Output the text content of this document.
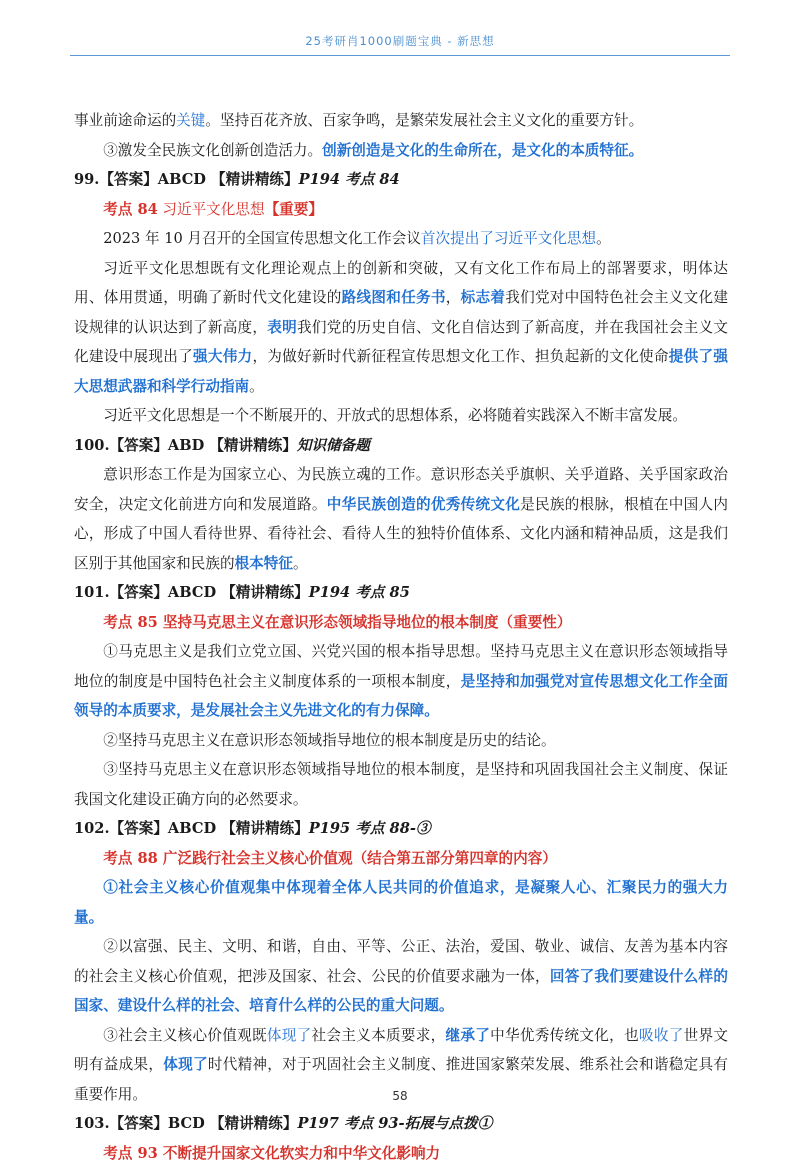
25考研肖1000刷题宝典 - 新思想

事业前途命运的关键。坚持百花齐放、百家争鸣，是繁荣发展社会主义文化的重要方针。

③激发全民族文化创新创造活力。创新创造是文化的生命所在，是文化的本质特征。

99.【答案】ABCD 【精讲精练】P194 考点 84

考点 84 习近平文化思想【重要】

2023 年 10 月召开的全国宣传思想文化工作会议首次提出了习近平文化思想。

习近平文化思想既有文化理论观点上的创新和突破，又有文化工作布局上的部署要求，明体达用、体用贯通，明确了新时代文化建设的路线图和任务书，标志着我们党对中国特色社会主义文化建设规律的认识达到了新高度，表明我们党的历史自信、文化自信达到了新高度，并在我国社会主义文化建设中展现出了强大伟力，为做好新时代新征程宣传思想文化工作、担负起新的文化使命提供了强大思想武器和科学行动指南。

习近平文化思想是一个不断展开的、开放式的思想体系，必将随着实践深入不断丰富发展。

100.【答案】ABD 【精讲精练】知识储备题

意识形态工作是为国家立心、为民族立魂的工作。意识形态关乎旗帜、关乎道路、关乎国家政治安全，决定文化前进方向和发展道路。中华民族创造的优秀传统文化是民族的根脉，根植在中国人内心，形成了中国人看待世界、看待社会、看待人生的独特价值体系、文化内涵和精神品质，这是我们区别于其他国家和民族的根本特征。

101.【答案】ABCD 【精讲精练】P194 考点 85

考点 85 坚持马克思主义在意识形态领域指导地位的根本制度（重要性）

①马克思主义是我们立党立国、兴党兴国的根本指导思想。坚持马克思主义在意识形态领域指导地位的制度是中国特色社会主义制度体系的一项根本制度，是坚持和加强党对宣传思想文化工作全面领导的本质要求，是发展社会主义先进文化的有力保障。

②坚持马克思主义在意识形态领域指导地位的根本制度是历史的结论。

③坚持马克思主义在意识形态领域指导地位的根本制度，是坚持和巩固我国社会主义制度、保证我国文化建设正确方向的必然要求。

102.【答案】ABCD 【精讲精练】P195 考点 88-③

考点 88 广泛践行社会主义核心价值观（结合第五部分第四章的内容）

①社会主义核心价值观集中体现着全体人民共同的价值追求，是凝聚人心、汇聚民力的强大力量。

②以富强、民主、文明、和谐，自由、平等、公正、法治，爱国、敬业、诚信、友善为基本内容的社会主义核心价值观，把涉及国家、社会、公民的价值要求融为一体，回答了我们要建设什么样的国家、建设什么样的社会、培育什么样的公民的重大问题。

③社会主义核心价值观既体现了社会主义本质要求，继承了中华优秀传统文化，也吸收了世界文明有益成果，体现了时代精神，对于巩固社会主义制度、推进国家繁荣发展、维系社会和谐稳定具有重要作用。

103.【答案】BCD 【精讲精练】P197 考点 93-拓展与点拨①

考点 93 不断提升国家文化软实力和中华文化影响力

58
